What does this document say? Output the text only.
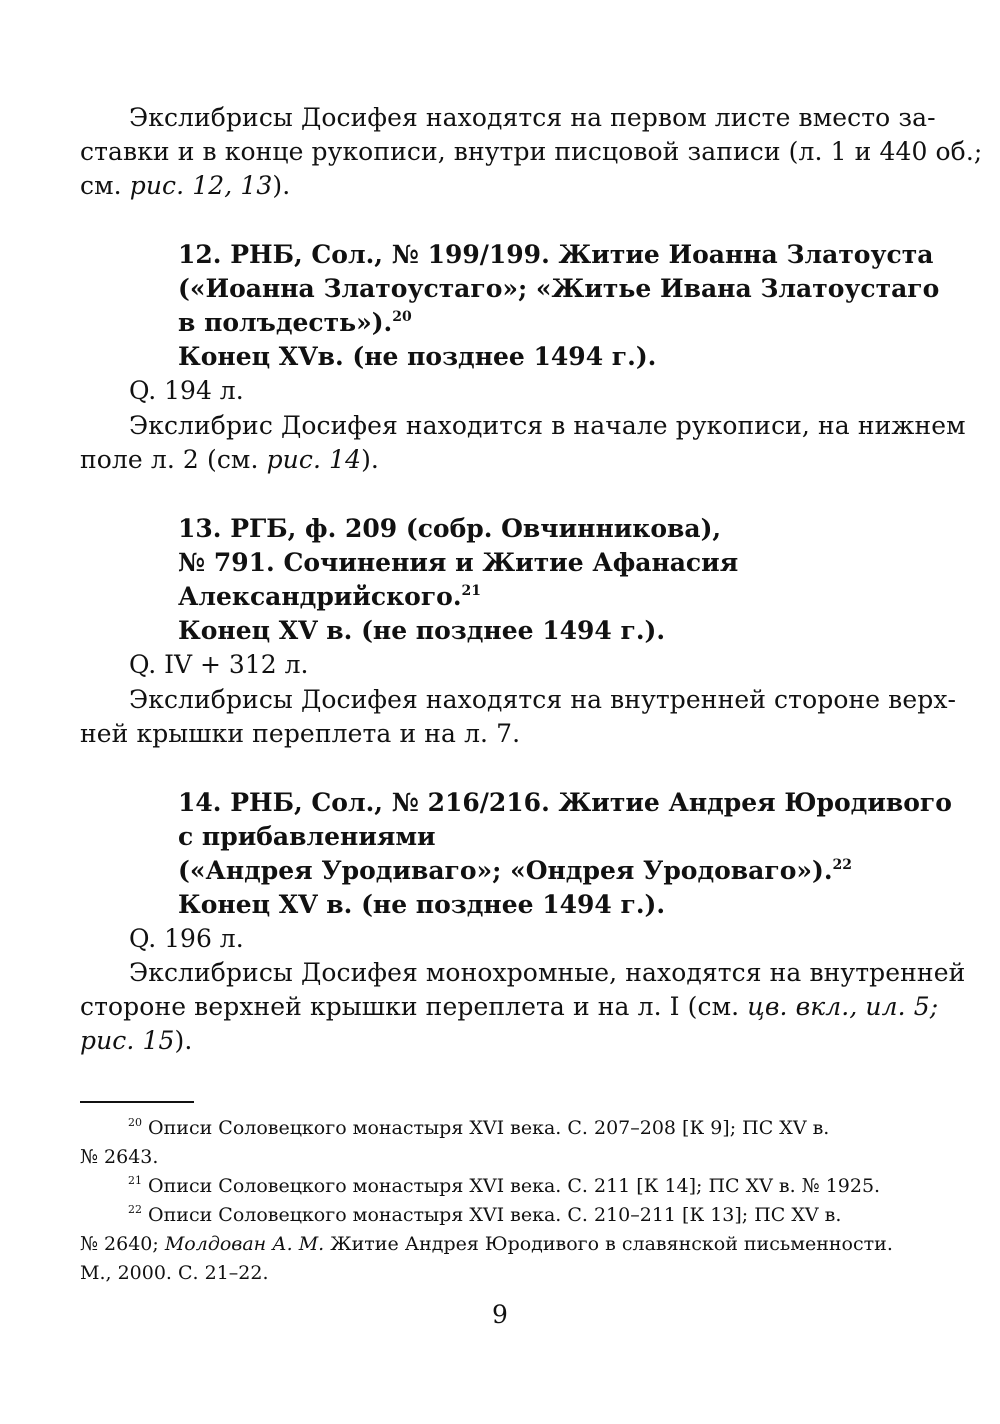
Экслибрисы Досифея находятся на первом листе вместо за-
ставки и в конце рукописи, внутри писцовой записи (л. 1 и 440 об.;
см. рис. 12, 13).
12. РНБ, Сол., № 199/199. Житие Иоанна Златоуста
(«Иоанна Златоустаго»; «Житье Ивана Златоустаго
в полъдесть»).$^{20}$
Конец XVв. (не позднее 1494 г.).
Q. 194 л.
Экслибрис Досифея находится в начале рукописи, на нижнем
поле л. 2 (см. рис. 14).
13. РГБ, ф. 209 (собр. Овчинникова),
№ 791. Сочинения и Житие Афанасия
Александрийского.$^{21}$
Конец XV в. (не позднее 1494 г.).
Q. IV + 312 л.
Экслибрисы Досифея находятся на внутренней стороне верх-
ней крышки переплета и на л. 7.
14. РНБ, Сол., № 216/216. Житие Андрея Юродивого
с прибавлениями
(«Андрея Уродиваго»; «Ондрея Уродоваго»).$^{22}$
Конец XV в. (не позднее 1494 г.).
Q. 196 л.
Экслибрисы Досифея монохромные, находятся на внутренней
стороне верхней крышки переплета и на л. I (см. цв. вкл., ил. 5;
рис. 15).
$^{20}$ Описи Соловецкого монастыря XVI века. С. 207–208 [К 9]; ПС XV в.
№ 2643.
$^{21}$ Описи Соловецкого монастыря XVI века. С. 211 [К 14]; ПС XV в. № 1925.
$^{22}$ Описи Соловецкого монастыря XVI века. С. 210–211 [К 13]; ПС XV в.
№ 2640; Молдован А. М. Житие Андрея Юродивого в славянской письменности.
М., 2000. С. 21–22.
9
